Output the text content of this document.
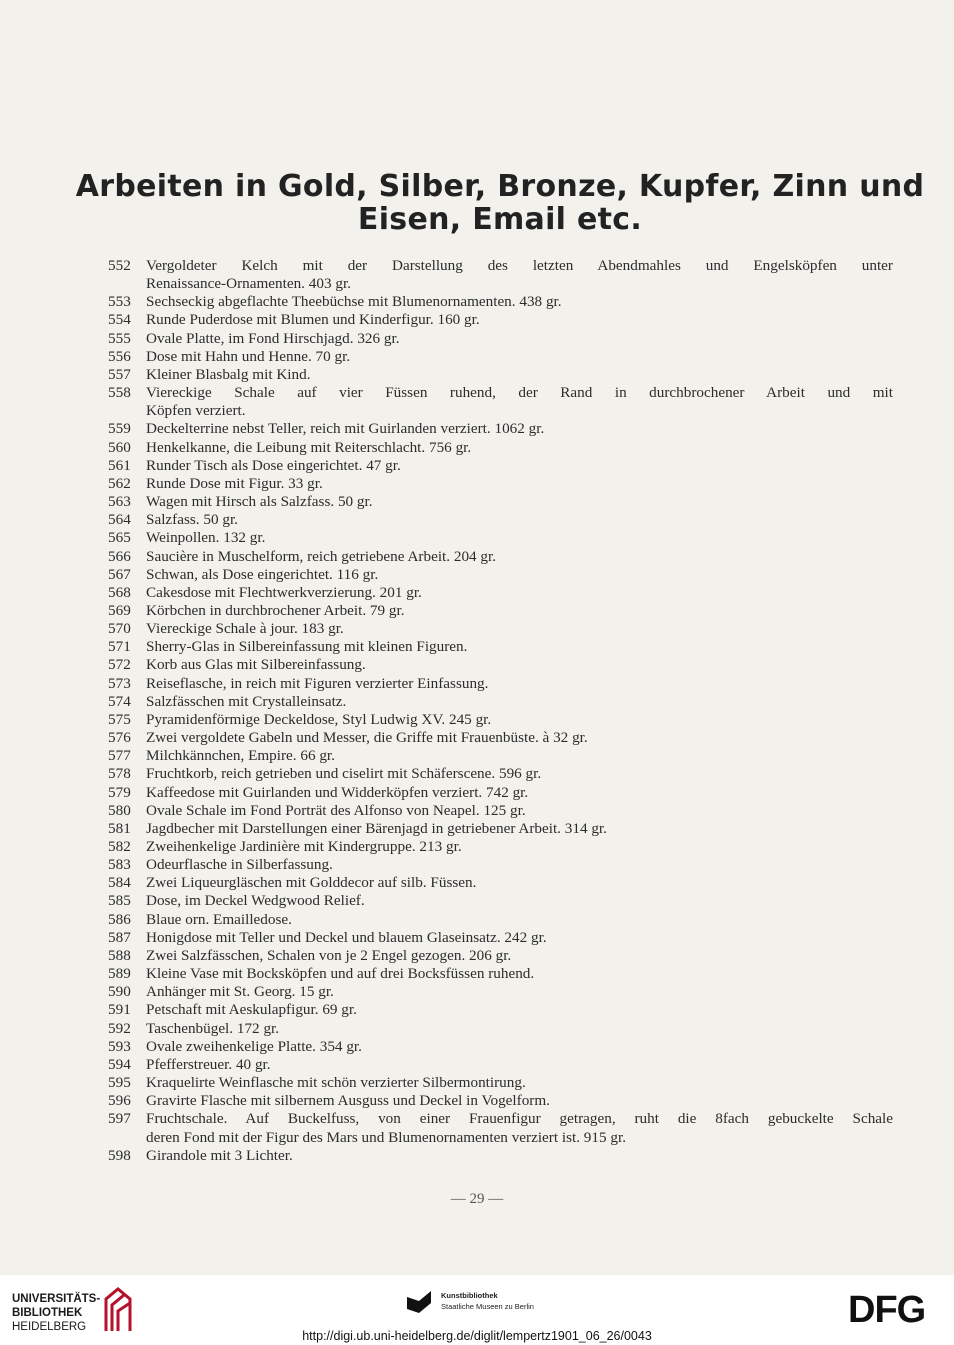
Arbeiten in Gold, Silber, Bronze, Kupfer, Zinn und
Eisen, Email etc.
552	Vergoldeter Kelch mit der Darstellung des letzten Abendmahles und Engelsköpfen unter
Renaissance-Ornamenten. 403 gr.
553	Sechseckig abgeflachte Theebüchse mit Blumenornamenten. 438 gr.
554	Runde Puderdose mit Blumen und Kinderfigur. 160 gr.
555	Ovale Platte, im Fond Hirschjagd. 326 gr.
556	Dose mit Hahn und Henne. 70 gr.
557	Kleiner Blasbalg mit Kind.
558	Viereckige Schale auf vier Füssen ruhend, der Rand in durchbrochener Arbeit und mit
Köpfen verziert.
559	Deckelterrine nebst Teller, reich mit Guirlanden verziert. 1062 gr.
560	Henkelkanne, die Leibung mit Reiterschlacht. 756 gr.
561	Runder Tisch als Dose eingerichtet. 47 gr.
562	Runde Dose mit Figur. 33 gr.
563	Wagen mit Hirsch als Salzfass. 50 gr.
564	Salzfass. 50 gr.
565	Weinpollen. 132 gr.
566	Saucière in Muschelform, reich getriebene Arbeit. 204 gr.
567	Schwan, als Dose eingerichtet. 116 gr.
568	Cakesdose mit Flechtwerkverzierung. 201 gr.
569	Körbchen in durchbrochener Arbeit. 79 gr.
570	Viereckige Schale à jour. 183 gr.
571	Sherry-Glas in Silbereinfassung mit kleinen Figuren.
572	Korb aus Glas mit Silbereinfassung.
573	Reiseflasche, in reich mit Figuren verzierter Einfassung.
574	Salzfässchen mit Crystalleinsatz.
575	Pyramidenförmige Deckeldose, Styl Ludwig XV. 245 gr.
576	Zwei vergoldete Gabeln und Messer, die Griffe mit Frauenbüste. à 32 gr.
577	Milchkännchen, Empire. 66 gr.
578	Fruchtkorb, reich getrieben und ciselirt mit Schäferscene. 596 gr.
579	Kaffeedose mit Guirlanden und Widderköpfen verziert. 742 gr.
580	Ovale Schale im Fond Porträt des Alfonso von Neapel. 125 gr.
581	Jagdbecher mit Darstellungen einer Bärenjagd in getriebener Arbeit. 314 gr.
582	Zweihenkelige Jardinière mit Kindergruppe. 213 gr.
583	Odeurflasche in Silberfassung.
584	Zwei Liqueurgläschen mit Golddecor auf silb. Füssen.
585	Dose, im Deckel Wedgwood Relief.
586	Blaue orn. Emailledose.
587	Honigdose mit Teller und Deckel und blauem Glaseinsatz. 242 gr.
588	Zwei Salzfässchen, Schalen von je 2 Engel gezogen. 206 gr.
589	Kleine Vase mit Bocksköpfen und auf drei Bocksfüssen ruhend.
590	Anhänger mit St. Georg. 15 gr.
591	Petschaft mit Aeskulapfigur. 69 gr.
592	Taschenbügel. 172 gr.
593	Ovale zweihenkelige Platte. 354 gr.
594	Pfefferstreuer. 40 gr.
595	Kraquelirte Weinflasche mit schön verzierter Silbermontirung.
596	Gravirte Flasche mit silbernem Ausguss und Deckel in Vogelform.
597	Fruchtschale. Auf Buckelfuss, von einer Frauenfigur getragen, ruht die 8fach gebuckelte Schale
deren Fond mit der Figur des Mars und Blumenornamenten verziert ist. 915 gr.
598	Girandole mit 3 Lichter.
— 29 —
UNIVERSITÄTS-
BIBLIOTHEK
HEIDELBERG
Kunstbibliothek
Staatliche Museen zu Berlin	DFG
http://digi.ub.uni-heidelberg.de/diglit/lempertz1901_06_26/0043
